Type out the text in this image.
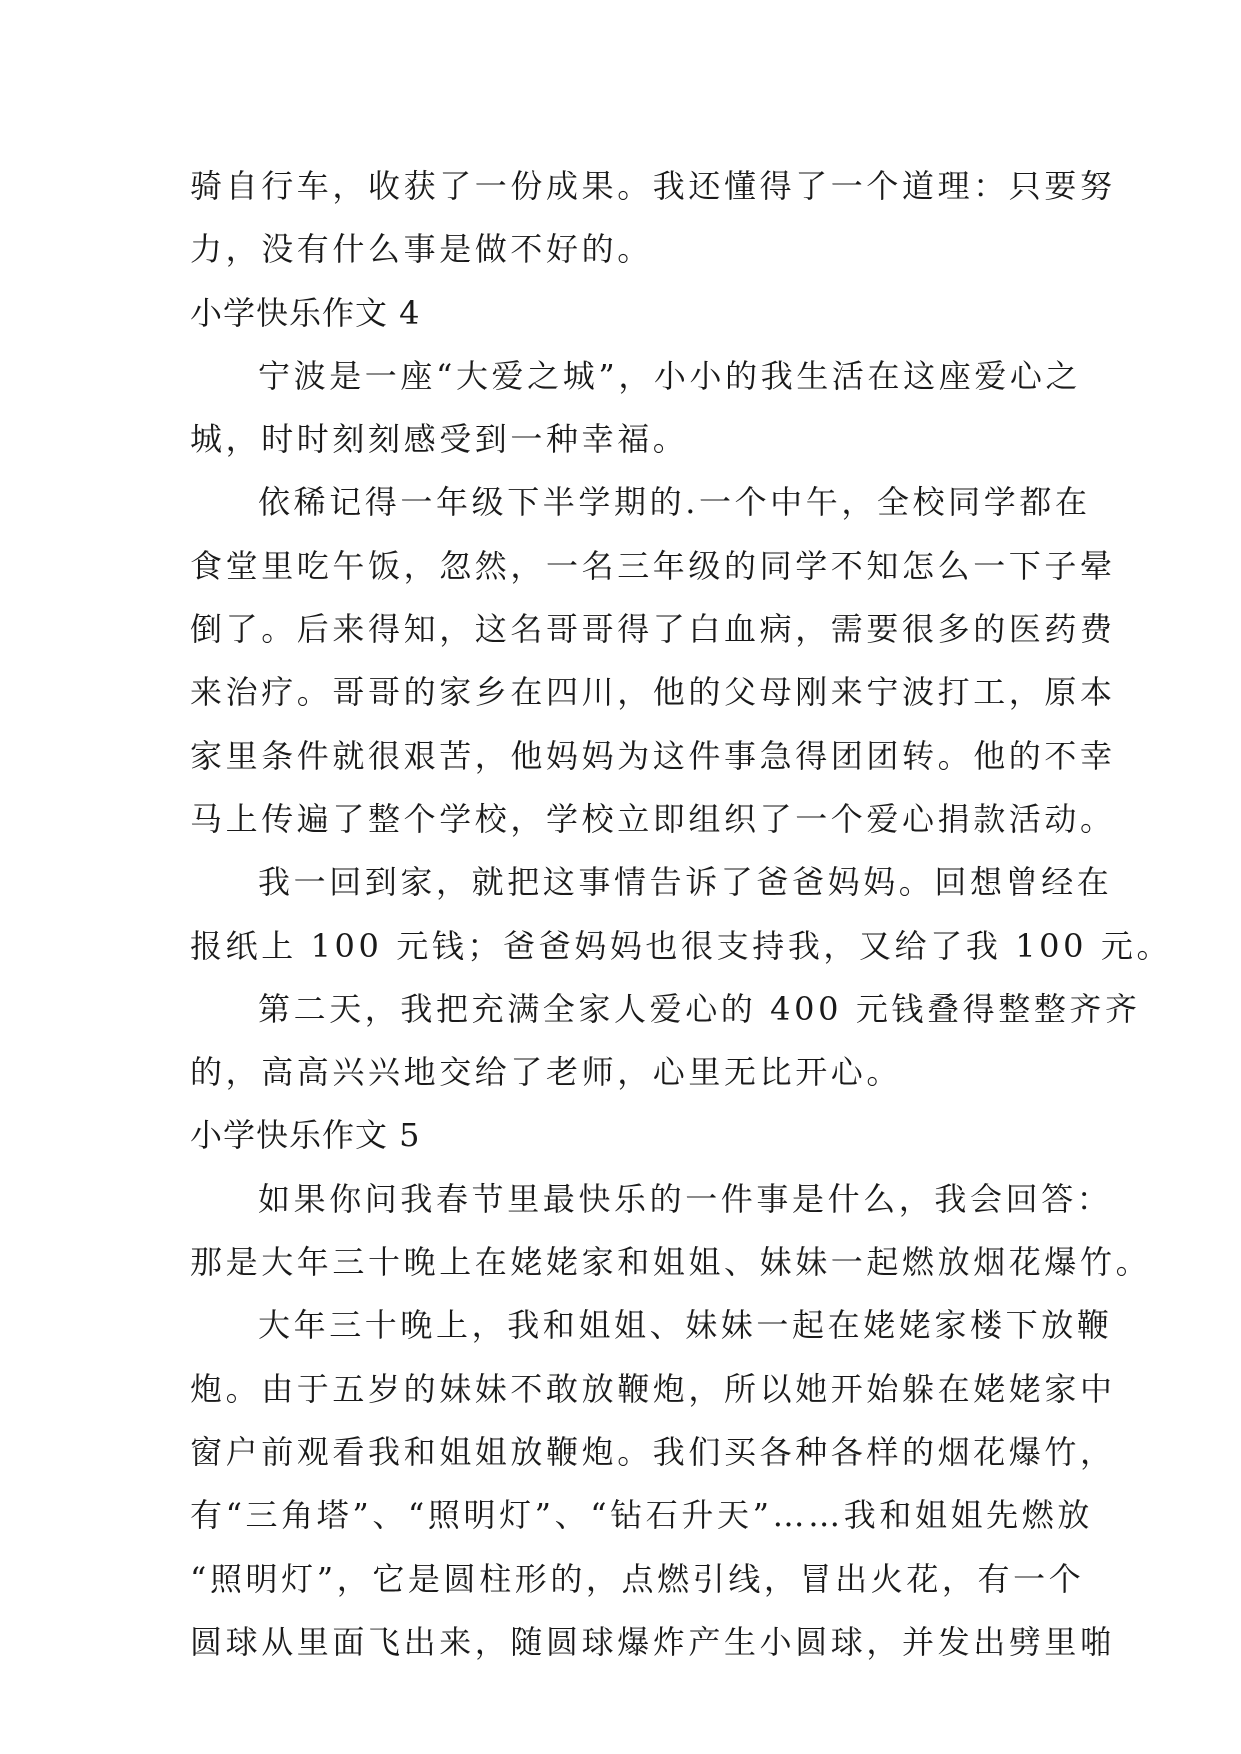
骑自行车，收获了一份成果。我还懂得了一个道理：只要努
力，没有什么事是做不好的。
小学快乐作文 4
宁波是一座“大爱之城”，小小的我生活在这座爱心之
城，时时刻刻感受到一种幸福。
依稀记得一年级下半学期的.一个中午，全校同学都在
食堂里吃午饭，忽然，一名三年级的同学不知怎么一下子晕
倒了。后来得知，这名哥哥得了白血病，需要很多的医药费
来治疗。哥哥的家乡在四川，他的父母刚来宁波打工，原本
家里条件就很艰苦，他妈妈为这件事急得团团转。他的不幸
马上传遍了整个学校，学校立即组织了一个爱心捐款活动。
我一回到家，就把这事情告诉了爸爸妈妈。回想曾经在
报纸上 100 元钱；爸爸妈妈也很支持我，又给了我 100 元。
第二天，我把充满全家人爱心的 400 元钱叠得整整齐齐
的，高高兴兴地交给了老师，心里无比开心。
小学快乐作文 5
如果你问我春节里最快乐的一件事是什么，我会回答：
那是大年三十晚上在姥姥家和姐姐、妹妹一起燃放烟花爆竹。
大年三十晚上，我和姐姐、妹妹一起在姥姥家楼下放鞭
炮。由于五岁的妹妹不敢放鞭炮，所以她开始躲在姥姥家中
窗户前观看我和姐姐放鞭炮。我们买各种各样的烟花爆竹，
有“三角塔”、“照明灯”、“钻石升天”……我和姐姐先燃放
“照明灯”，它是圆柱形的，点燃引线，冒出火花，有一个
圆球从里面飞出来，随圆球爆炸产生小圆球，并发出劈里啪
